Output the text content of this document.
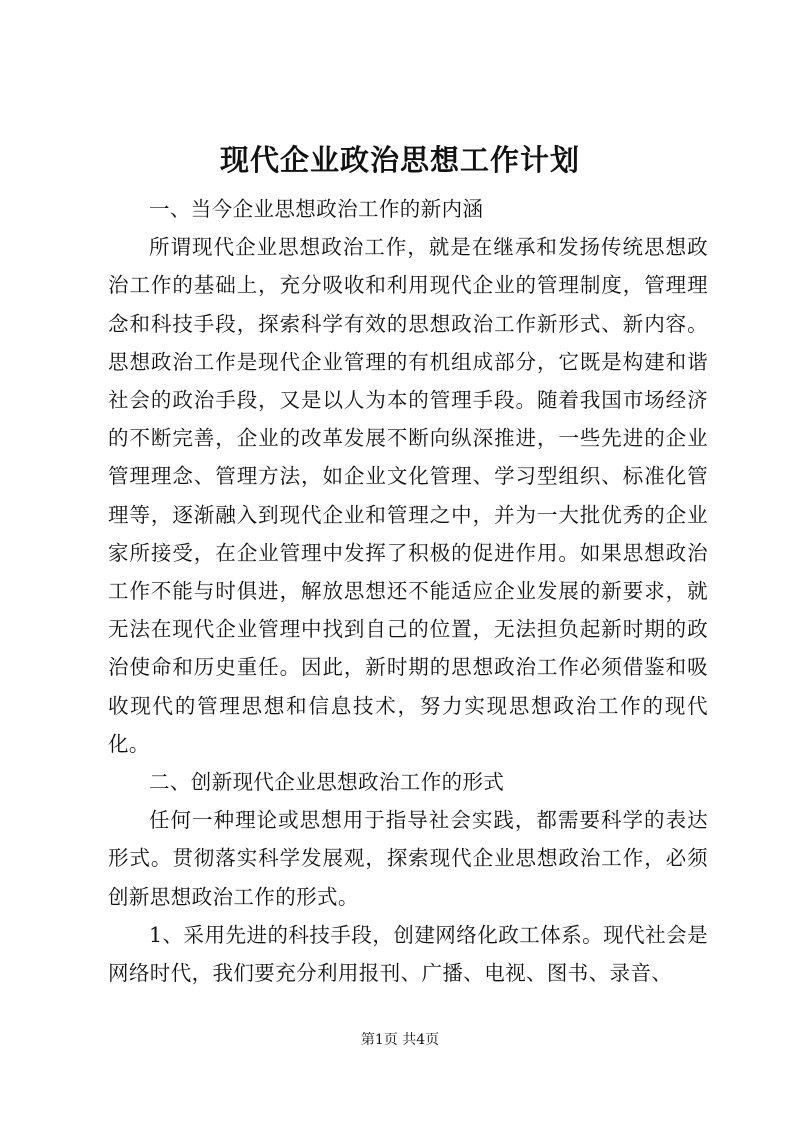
现代企业政治思想工作计划

一、当今企业思想政治工作的新内涵

所谓现代企业思想政治工作，就是在继承和发扬传统思想政治工作的基础上，充分吸收和利用现代企业的管理制度，管理理念和科技手段，探索科学有效的思想政治工作新形式、新内容。思想政治工作是现代企业管理的有机组成部分，它既是构建和谐社会的政治手段，又是以人为本的管理手段。随着我国市场经济的不断完善，企业的改革发展不断向纵深推进，一些先进的企业管理理念、管理方法，如企业文化管理、学习型组织、标准化管理等，逐渐融入到现代企业和管理之中，并为一大批优秀的企业家所接受，在企业管理中发挥了积极的促进作用。如果思想政治工作不能与时俱进，解放思想还不能适应企业发展的新要求，就无法在现代企业管理中找到自己的位置，无法担负起新时期的政治使命和历史重任。因此，新时期的思想政治工作必须借鉴和吸收现代的管理思想和信息技术，努力实现思想政治工作的现代化。

二、创新现代企业思想政治工作的形式

任何一种理论或思想用于指导社会实践，都需要科学的表达形式。贯彻落实科学发展观，探索现代企业思想政治工作，必须创新思想政治工作的形式。

1、采用先进的科技手段，创建网络化政工体系。现代社会是网络时代，我们要充分利用报刊、广播、电视、图书、录音、

第1页 共4页
